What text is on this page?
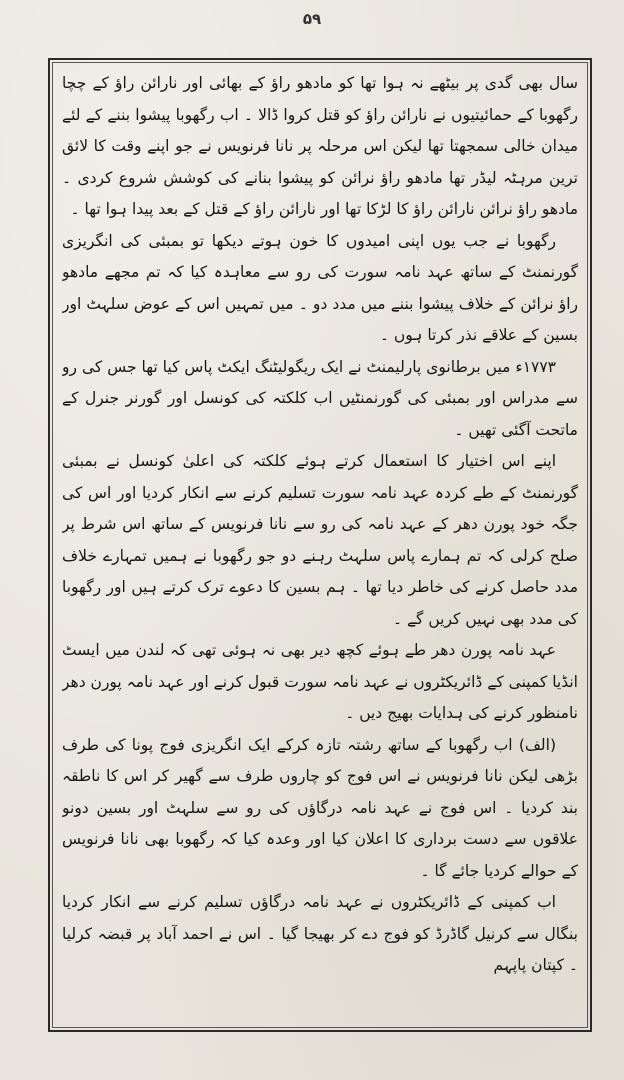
۵۹

سال بھی گدی پر بیٹھے نہ ہوا تھا کو مادھو راؤ کے بھائی اور نارائن راؤ کے چچا رگھوبا کے حمائیتیوں نے نارائن راؤ کو قتل کروا ڈالا ۔ اب رگھوبا پیشوا بننے کے لئے میدان خالی سمجھتا تھا لیکن اس مرحلہ پر نانا فرنویس نے جو اپنے وقت کا لائق ترین مرہٹہ لیڈر تھا مادھو راؤ نرائن کو پیشوا بنانے کی کوشش شروع کردی ۔ مادھو راؤ نرائن نارائن راؤ کا لڑکا تھا اور نارائن راؤ کے قتل کے بعد پیدا ہوا تھا ۔

رگھوبا نے جب یوں اپنی امیدوں کا خون ہوتے دیکھا تو بمبئی کی انگریزی گورنمنٹ کے ساتھ عہد نامہ سورت کی رو سے معاہدہ کیا کہ تم مجھے مادھو راؤ نرائن کے خلاف پیشوا بننے میں مدد دو ۔ میں تمہیں اس کے عوض سلہٹ اور بسین کے علاقے نذر کرتا ہوں ۔

۱۷۷۳ء میں برطانوی پارلیمنٹ نے ایک ریگولیٹنگ ایکٹ پاس کیا تھا جس کی رو سے مدراس اور بمبئی کی گورنمنٹیں اب کلکتہ کی کونسل اور گورنر جنرل کے ماتحت آگئی تھیں ۔

اپنے اس اختیار کا استعمال کرتے ہوئے کلکتہ کی اعلیٰ کونسل نے بمبئی گورنمنٹ کے طے کردہ عہد نامہ سورت تسلیم کرنے سے انکار کردیا اور اس کی جگہ خود پورن دھر کے عہد نامہ کی رو سے نانا فرنویس کے ساتھ اس شرط پر صلح کرلی کہ تم ہمارے پاس سلہٹ رہنے دو جو رگھوبا نے ہمیں تمہارے خلاف مدد حاصل کرنے کی خاطر دیا تھا ۔ ہم بسین کا دعوے ترک کرتے ہیں اور رگھوبا کی مدد بھی نہیں کریں گے ۔

عہد نامہ پورن دھر طے ہوئے کچھ دیر بھی نہ ہوئی تھی کہ لندن میں ایسٹ انڈیا کمپنی کے ڈائریکٹروں نے عہد نامہ سورت قبول کرنے اور عہد نامہ پورن دھر نامنظور کرنے کی ہدایات بھیج دیں ۔

(الف) اب رگھوبا کے ساتھ رشتہ تازہ کرکے ایک انگریزی فوج پونا کی طرف بڑھی لیکن نانا فرنویس نے اس فوج کو چاروں طرف سے گھیر کر اس کا ناطقہ بند کردیا ۔ اس فوج نے عہد نامہ درگاؤں کی رو سے سلہٹ اور بسین دونو علاقوں سے دست برداری کا اعلان کیا اور وعدہ کیا کہ رگھوبا بھی نانا فرنویس کے حوالے کردیا جائے گا ۔

اب کمپنی کے ڈائریکٹروں نے عہد نامہ درگاؤں تسلیم کرنے سے انکار کردیا بنگال سے کرنیل گاڈرڈ کو فوج دے کر بھیجا گیا ۔ اس نے احمد آباد پر قبضہ کرلیا ۔ کپتان پاپہم
